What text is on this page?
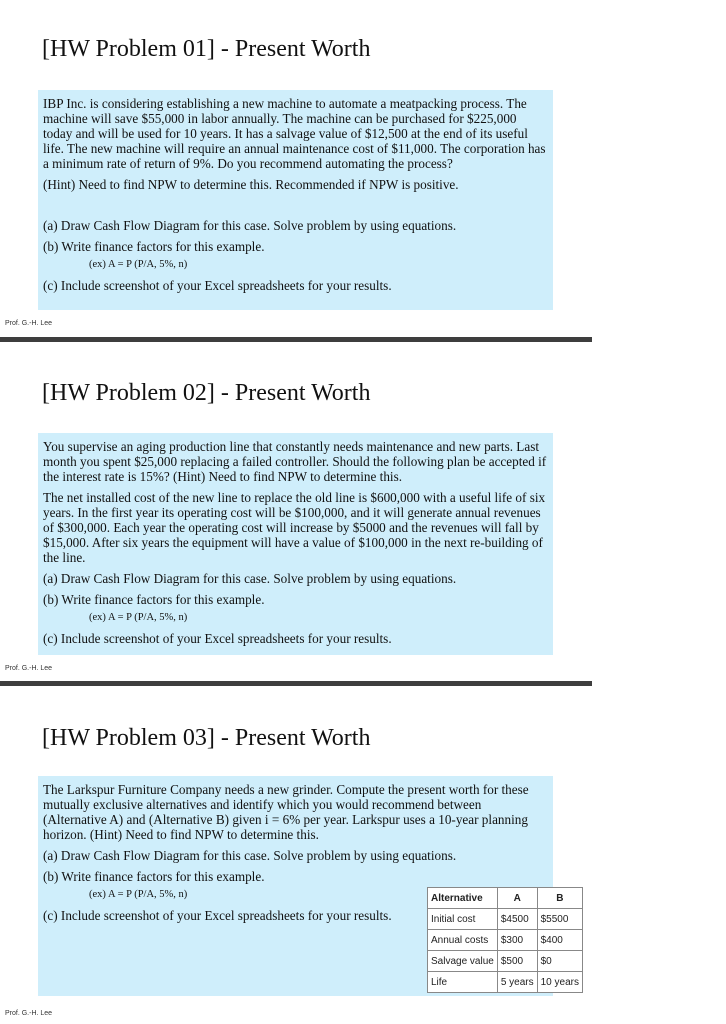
[HW Problem 01] - Present Worth

IBP Inc. is considering establishing a new machine to automate a meatpacking process. The machine will save $55,000 in labor annually. The machine can be purchased for $225,000 today and will be used for 10 years. It has a salvage value of $12,500 at the end of its useful life. The new machine will require an annual maintenance cost of $11,000. The corporation has a minimum rate of return of 9%. Do you recommend automating the process?

(Hint) Need to find NPW to determine this. Recommended if NPW is positive.

(a) Draw Cash Flow Diagram for this case. Solve problem by using equations.
(b) Write finance factors for this example.
(ex) A = P (P/A, 5%, n)
(c) Include screenshot of your Excel spreadsheets for your results.
Prof. G.-H. Lee
[HW Problem 02] - Present Worth

You supervise an aging production line that constantly needs maintenance and new parts. Last month you spent $25,000 replacing a failed controller. Should the following plan be accepted if the interest rate is 15%? (Hint) Need to find NPW to determine this.

The net installed cost of the new line to replace the old line is $600,000 with a useful life of six years. In the first year its operating cost will be $100,000, and it will generate annual revenues of $300,000. Each year the operating cost will increase by $5000 and the revenues will fall by $15,000. After six years the equipment will have a value of $100,000 in the next re-building of the line.

(a) Draw Cash Flow Diagram for this case. Solve problem by using equations.
(b) Write finance factors for this example.
(ex) A = P (P/A, 5%, n)
(c) Include screenshot of your Excel spreadsheets for your results.
Prof. G.-H. Lee
[HW Problem 03] - Present Worth

The Larkspur Furniture Company needs a new grinder. Compute the present worth for these mutually exclusive alternatives and identify which you would recommend between (Alternative A) and (Alternative B) given i = 6% per year. Larkspur uses a 10-year planning horizon. (Hint) Need to find NPW to determine this.

(a) Draw Cash Flow Diagram for this case. Solve problem by using equations.
(b) Write finance factors for this example.
(ex) A = P (P/A, 5%, n)
(c) Include screenshot of your Excel spreadsheets for your results.
Alternative	A	B
Initial cost	$4500	$5500
Annual costs	$300	$400
Salvage value	$500	$0
Life	5 years	10 years
Prof. G.-H. Lee
